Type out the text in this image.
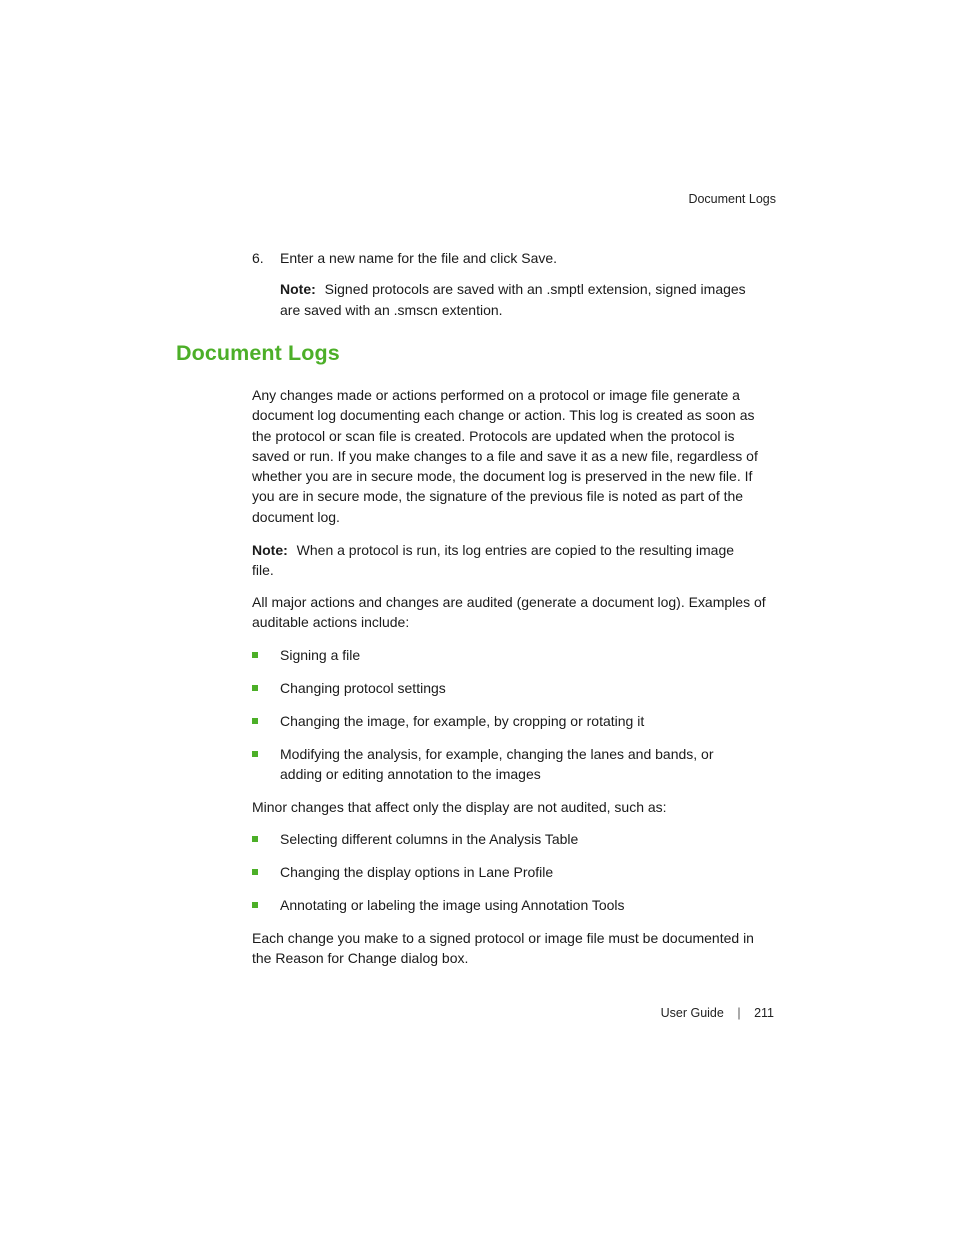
Document Logs
6. Enter a new name for the file and click Save.
Note: Signed protocols are saved with an .smptl extension, signed images are saved with an .smscn extention.
Document Logs

Any changes made or actions performed on a protocol or image file generate a document log documenting each change or action. This log is created as soon as the protocol or scan file is created. Protocols are updated when the protocol is saved or run. If you make changes to a file and save it as a new file, regardless of whether you are in secure mode, the document log is preserved in the new file. If you are in secure mode, the signature of the previous file is noted as part of the document log.

Note: When a protocol is run, its log entries are copied to the resulting image file.

All major actions and changes are audited (generate a document log). Examples of auditable actions include:

Signing a file
Changing protocol settings
Changing the image, for example, by cropping or rotating it
Modifying the analysis, for example, changing the lanes and bands, or adding or editing annotation to the images

Minor changes that affect only the display are not audited, such as:

Selecting different columns in the Analysis Table
Changing the display options in Lane Profile
Annotating or labeling the image using Annotation Tools

Each change you make to a signed protocol or image file must be documented in the Reason for Change dialog box.

User Guide | 211
